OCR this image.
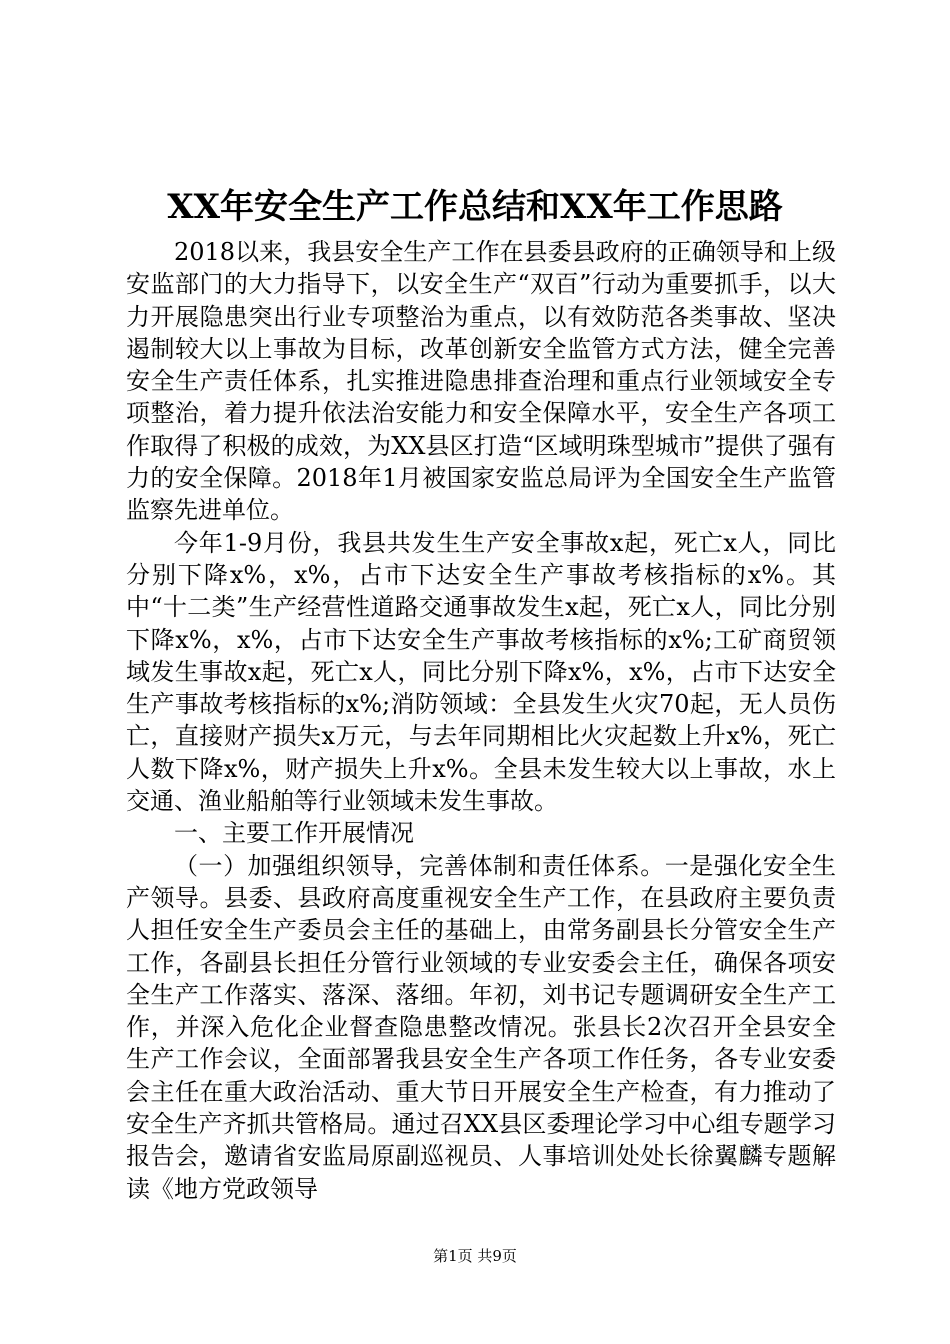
XX年安全生产工作总结和XX年工作思路

2018以来，我县安全生产工作在县委县政府的正确领导和上级安监部门的大力指导下，以安全生产“双百”行动为重要抓手，以大力开展隐患突出行业专项整治为重点，以有效防范各类事故、坚决遏制较大以上事故为目标，改革创新安全监管方式方法，健全完善安全生产责任体系，扎实推进隐患排查治理和重点行业领域安全专项整治，着力提升依法治安能力和安全保障水平，安全生产各项工作取得了积极的成效，为XX县区打造“区域明珠型城市”提供了强有力的安全保障。2018年1月被国家安监总局评为全国安全生产监管监察先进单位。

今年1-9月份，我县共发生生产安全事故x起，死亡x人，同比分别下降x%，x%，占市下达安全生产事故考核指标的x%。其中“十二类”生产经营性道路交通事故发生x起，死亡x人，同比分别下降x%，x%，占市下达安全生产事故考核指标的x%;工矿商贸领域发生事故x起，死亡x人，同比分别下降x%，x%，占市下达安全生产事故考核指标的x%;消防领域：全县发生火灾70起，无人员伤亡，直接财产损失x万元，与去年同期相比火灾起数上升x%，死亡人数下降x%，财产损失上升x%。全县未发生较大以上事故，水上交通、渔业船舶等行业领域未发生事故。

一、主要工作开展情况

（一）加强组织领导，完善体制和责任体系。一是强化安全生产领导。县委、县政府高度重视安全生产工作，在县政府主要负责人担任安全生产委员会主任的基础上，由常务副县长分管安全生产工作，各副县长担任分管行业领域的专业安委会主任，确保各项安全生产工作落实、落深、落细。年初，刘书记专题调研安全生产工作，并深入危化企业督查隐患整改情况。张县长2次召开全县安全生产工作会议，全面部署我县安全生产各项工作任务，各专业安委会主任在重大政治活动、重大节日开展安全生产检查，有力推动了安全生产齐抓共管格局。通过召XX县区委理论学习中心组专题学习报告会，邀请省安监局原副巡视员、人事培训处处长徐翼麟专题解读《地方党政领导

第1页 共9页
